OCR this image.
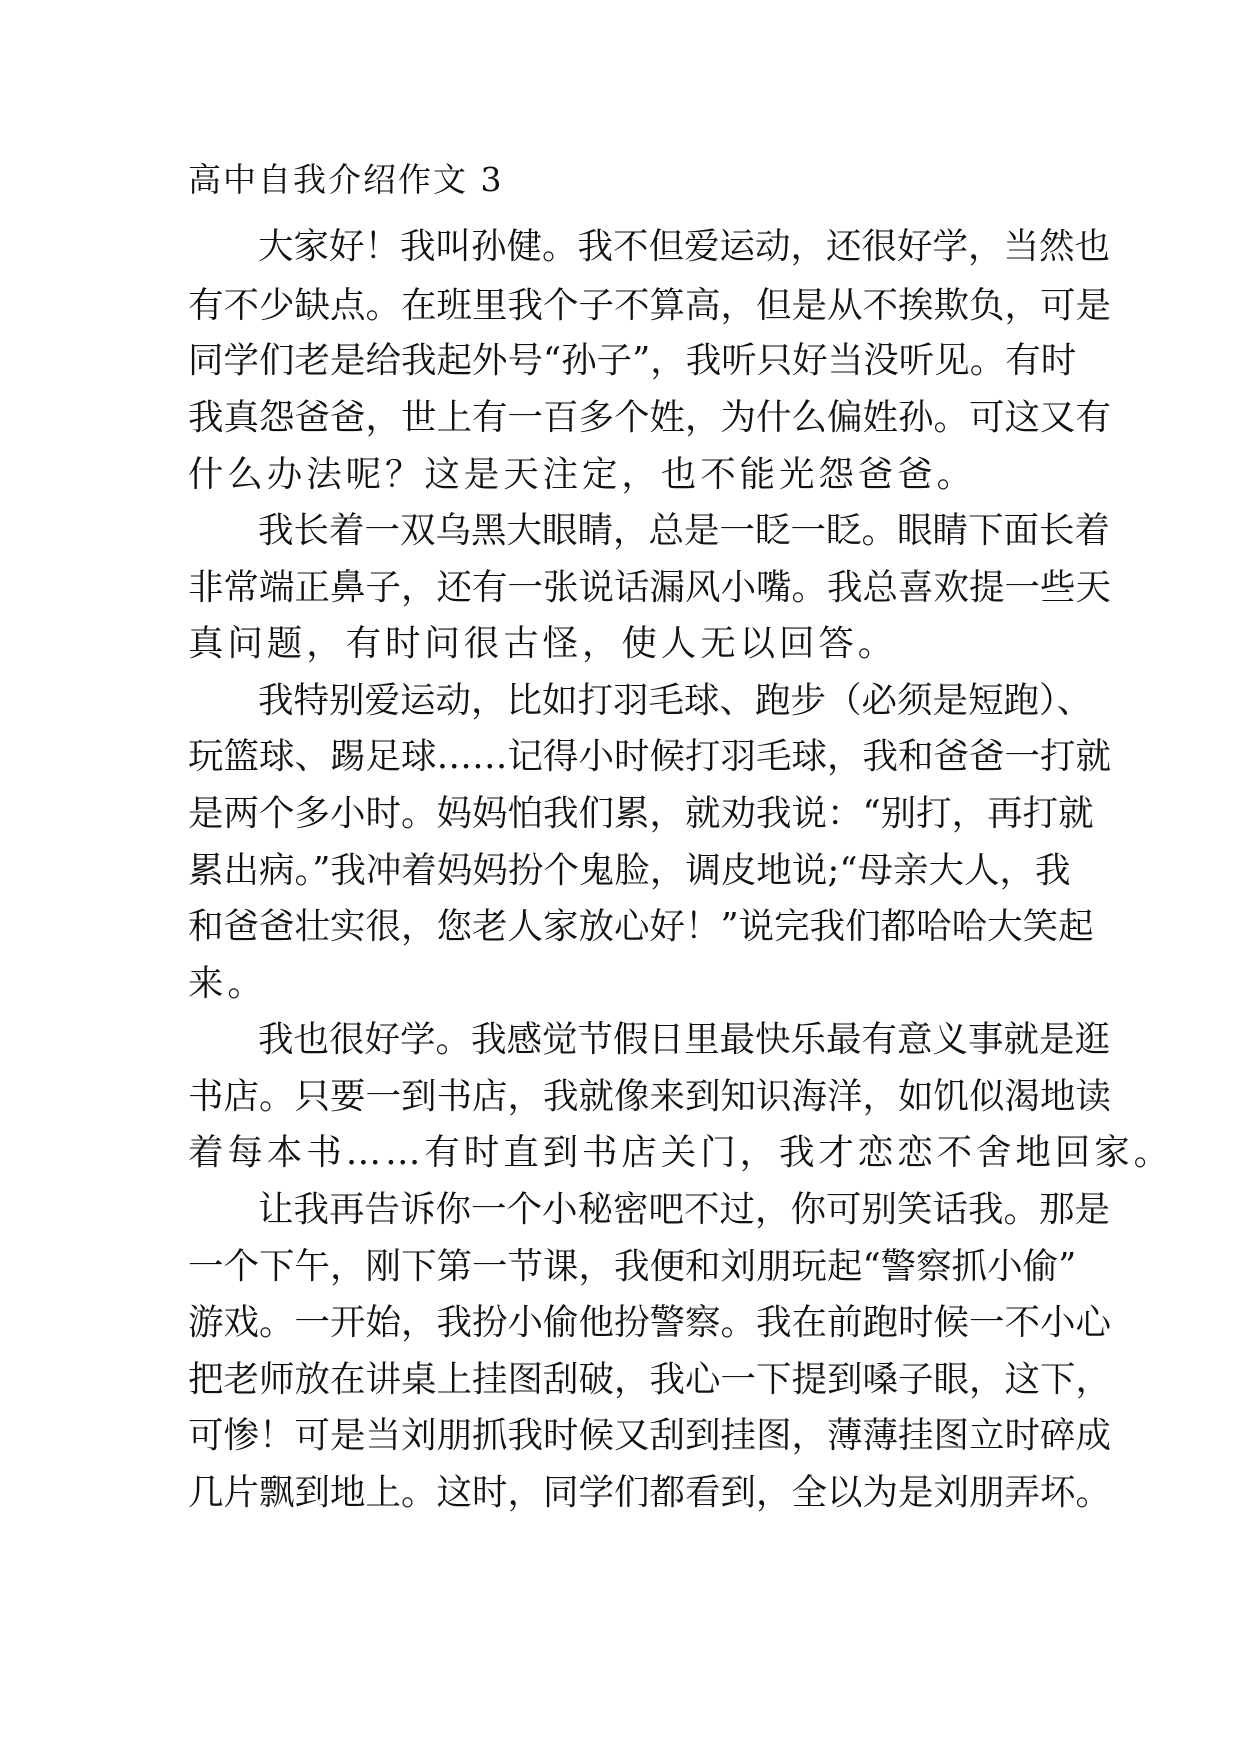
高中自我介绍作文 3
大家好！我叫孙健。我不但爱运动，还很好学，当然也
有不少缺点。在班里我个子不算高，但是从不挨欺负，可是
同学们老是给我起外号“孙子”，我听只好当没听见。有时
我真怨爸爸，世上有一百多个姓，为什么偏姓孙。可这又有
什么办法呢？这是天注定，也不能光怨爸爸。
我长着一双乌黑大眼睛，总是一眨一眨。眼睛下面长着
非常端正鼻子，还有一张说话漏风小嘴。我总喜欢提一些天
真问题，有时问很古怪，使人无以回答。
我特别爱运动，比如打羽毛球、跑步（必须是短跑）、
玩篮球、踢足球……记得小时候打羽毛球，我和爸爸一打就
是两个多小时。妈妈怕我们累，就劝我说：“别打，再打就
累出病。”我冲着妈妈扮个鬼脸，调皮地说;“母亲大人，我
和爸爸壮实很，您老人家放心好！”说完我们都哈哈大笑起
来。
我也很好学。我感觉节假日里最快乐最有意义事就是逛
书店。只要一到书店，我就像来到知识海洋，如饥似渴地读
着每本书……有时直到书店关门，我才恋恋不舍地回家。
让我再告诉你一个小秘密吧不过，你可别笑话我。那是
一个下午，刚下第一节课，我便和刘朋玩起“警察抓小偷”
游戏。一开始，我扮小偷他扮警察。我在前跑时候一不小心
把老师放在讲桌上挂图刮破，我心一下提到嗓子眼，这下，
可惨！可是当刘朋抓我时候又刮到挂图，薄薄挂图立时碎成
几片飘到地上。这时，同学们都看到，全以为是刘朋弄坏。
